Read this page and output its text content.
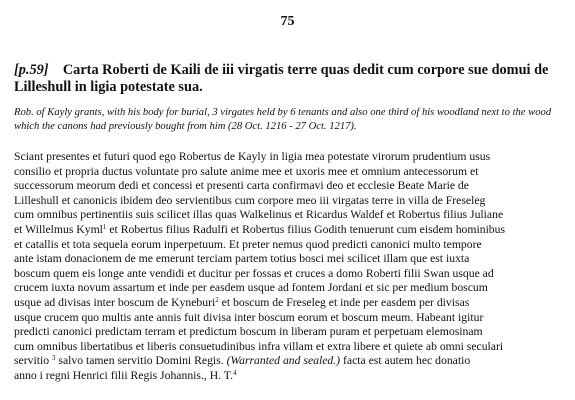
75
[p.59] Carta Roberti de Kaili de iii virgatis terre quas dedit cum corpore sue domui de Lilleshull in ligia potestate sua.
Rob. of Kayly grants, with his body for burial, 3 virgates held by 6 tenants and also one third of his woodland next to the wood which the canons had previously bought from him (28 Oct. 1216 - 27 Oct. 1217).
Sciant presentes et futuri quod ego Robertus de Kayly in ligia mea potestate virorum prudentium usus
consilio et propria ductus voluntate pro salute anime mee et uxoris mee et omnium antecessorum et
successorum meorum dedi et concessi et presenti carta confirmavi deo et ecclesie Beate Marie de
Lilleshull et canonicis ibidem deo servientibus cum corpore meo iii virgatas terre in villa de Freseleg
cum omnibus pertinentiis suis scilicet illas quas Walkelinus et Ricardus Waldef et Robertus filius Juliane
et Willelmus Kyml$^1$ et Robertus filius Radulfi et Robertus filius Godith tenuerunt cum eisdem hominibus
et catallis et tota sequela eorum inperpetuum. Et preter nemus quod predicti canonici multo tempore
ante istam donacionem de me emerunt terciam partem totius bosci mei scilicet illam que est iuxta
boscum quem eis longe ante vendidi et ducitur per fossas et cruces a domo Roberti filii Swan usque ad
crucem iuxta novum assartum et inde per easdem usque ad fontem Jordani et sic per medium boscum
usque ad divisas inter boscum de Kyneburi$^2$ et boscum de Freseleg et inde per easdem per divisas
usque crucem quo multis ante annis fuit divisa inter boscum eorum et boscum meum. Habeant igitur
predicti canonici predictam terram et predictum boscum in liberam puram et perpetuam elemosinam
cum omnibus libertatibus et liberis consuetudinibus infra villam et extra libere et quiete ab omni seculari
servitio $^3$ salvo tamen servitio Domini Regis. (Warranted and sealed.) facta est autem hec donatio
anno i regni Henrici filii Regis Johannis., H. T.$^4$
